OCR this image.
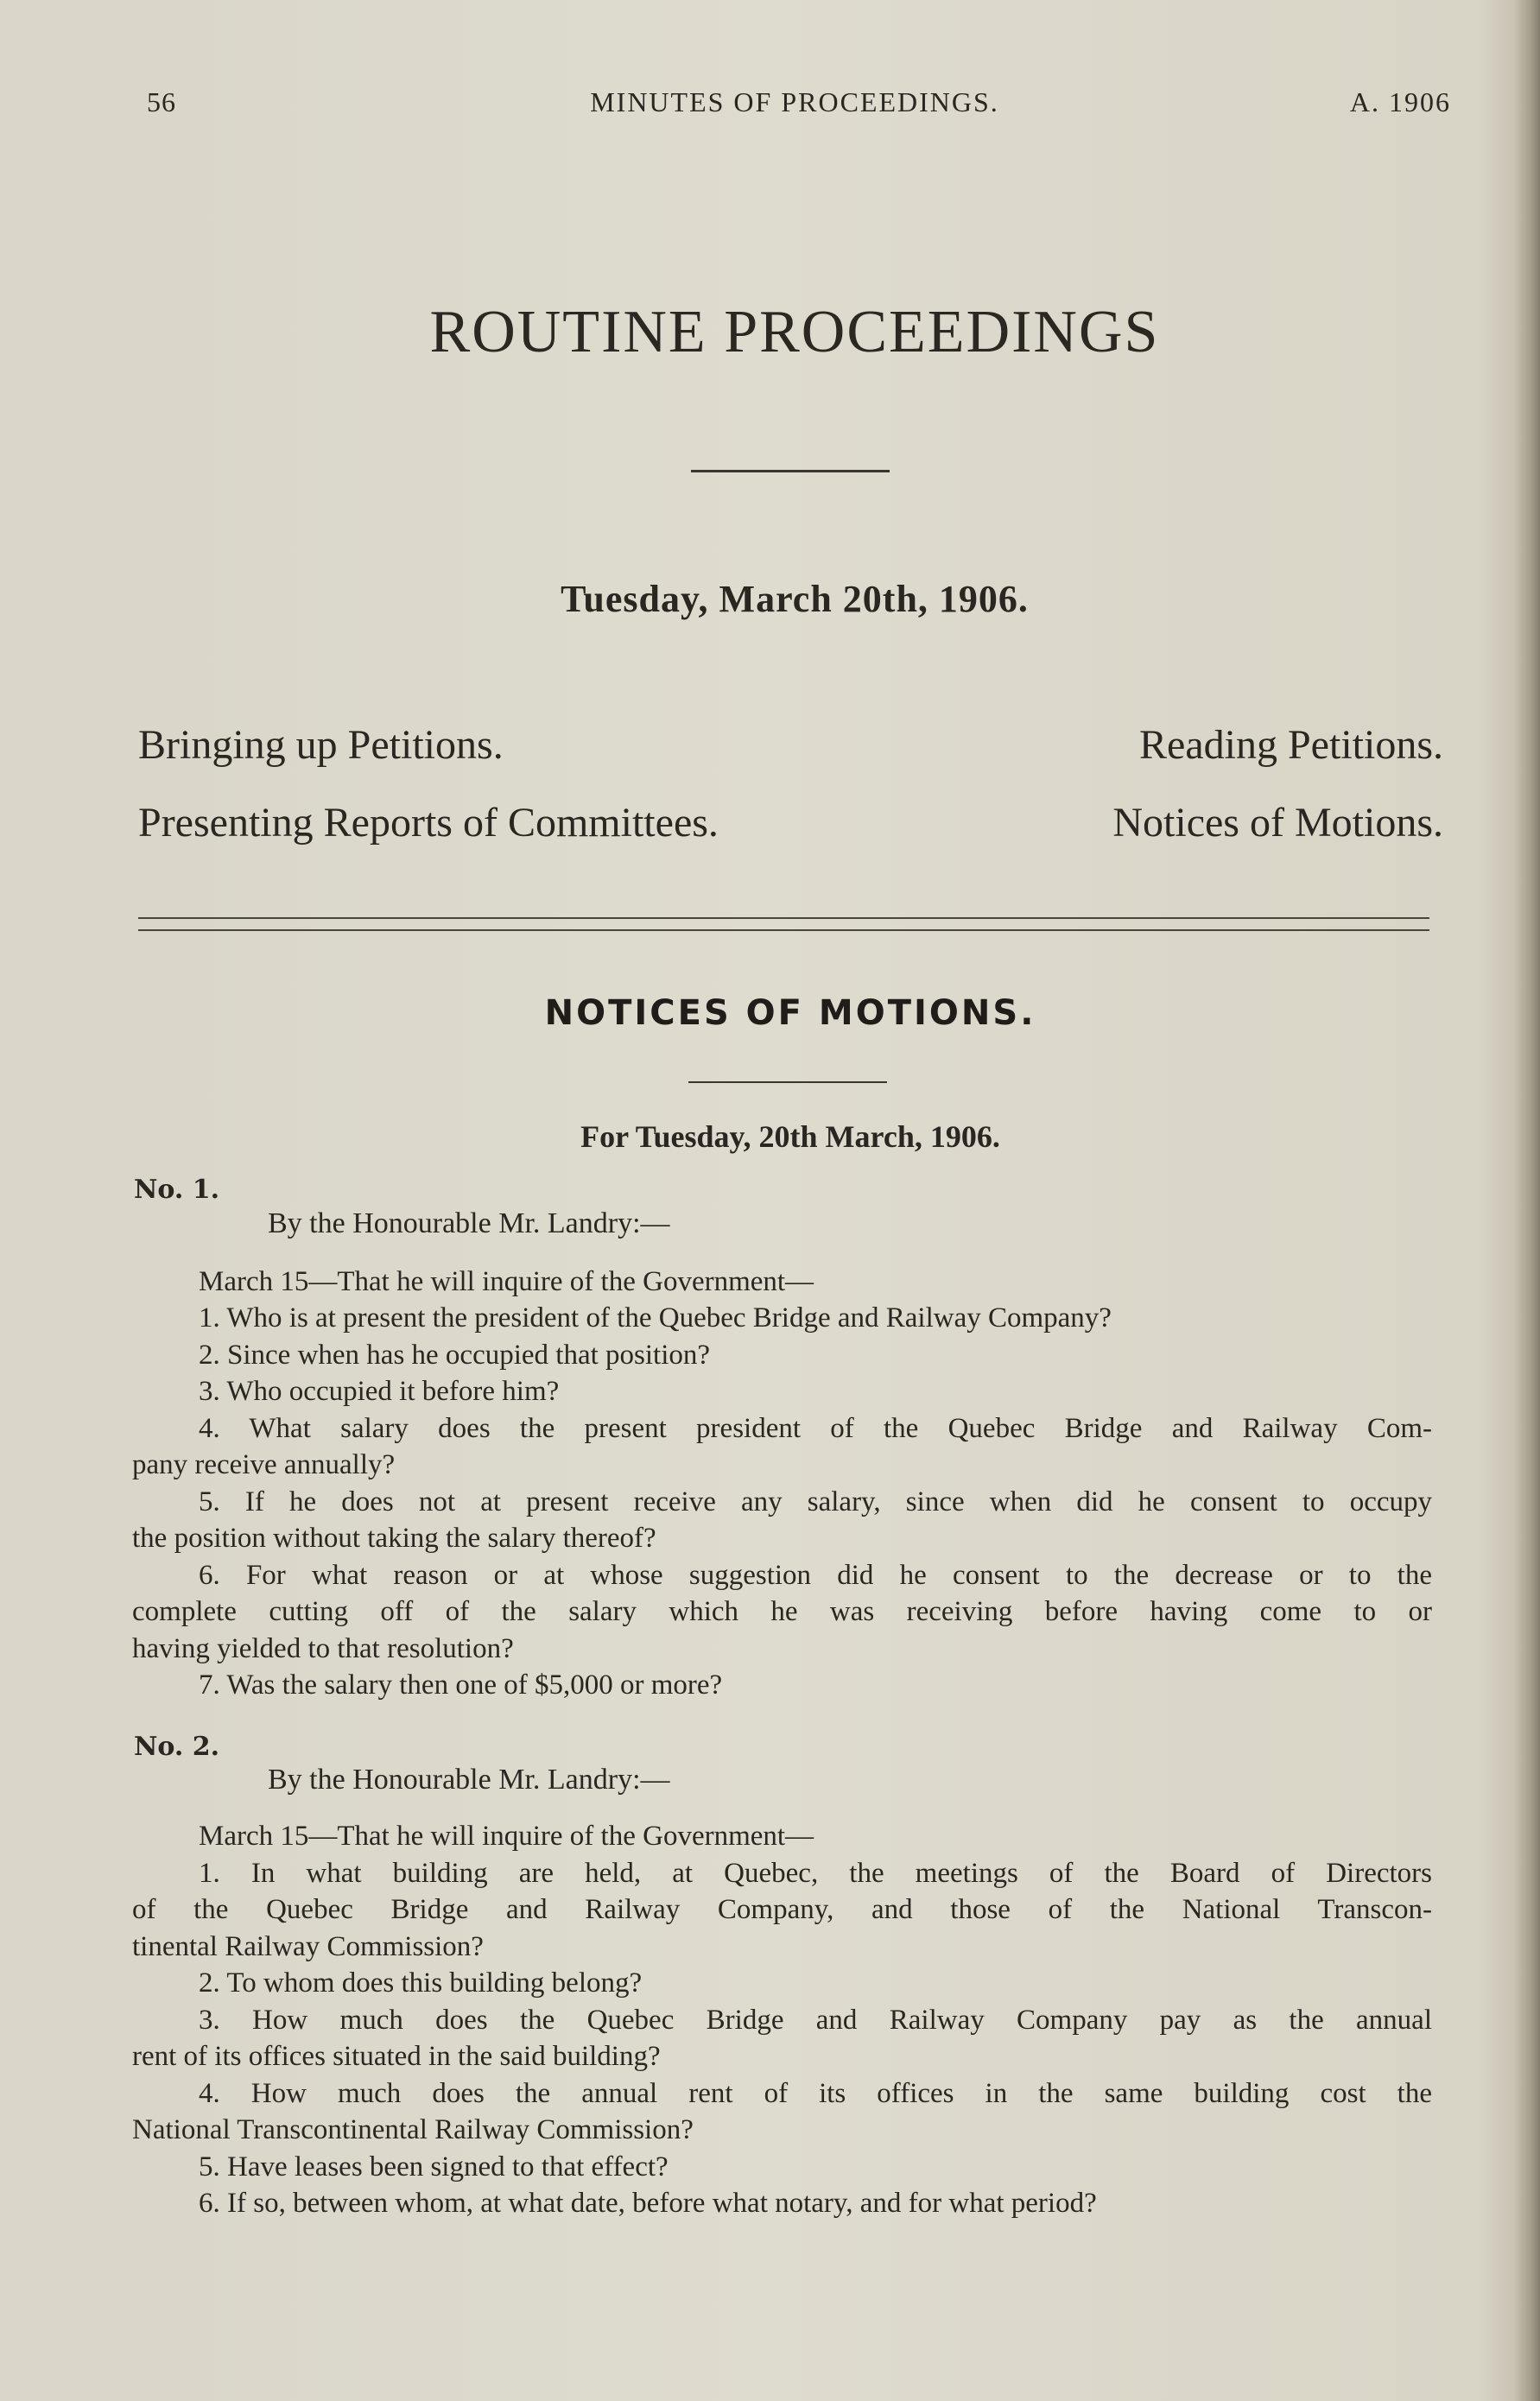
56	MINUTES OF PROCEEDINGS.	A. 1906
ROUTINE PROCEEDINGS
Tuesday, March 20th, 1906.
Bringing up Petitions.	Reading Petitions.
Presenting Reports of Committees.	Notices of Motions.
NOTICES OF MOTIONS.
For Tuesday, 20th March, 1906.
No. 1.
By the Honourable Mr. Landry:—
March 15—That he will inquire of the Government—
1. Who is at present the president of the Quebec Bridge and Railway Company?
2. Since when has he occupied that position?
3. Who occupied it before him?
4. What salary does the present president of the Quebec Bridge and Railway Com-
pany receive annually?
5. If he does not at present receive any salary, since when did he consent to occupy
the position without taking the salary thereof?
6. For what reason or at whose suggestion did he consent to the decrease or to the
complete cutting off of the salary which he was receiving before having come to or
having yielded to that resolution?
7. Was the salary then one of $5,000 or more?
No. 2.
By the Honourable Mr. Landry:—
March 15—That he will inquire of the Government—
1. In what building are held, at Quebec, the meetings of the Board of Directors
of the Quebec Bridge and Railway Company, and those of the National Transcon-
tinental Railway Commission?
2. To whom does this building belong?
3. How much does the Quebec Bridge and Railway Company pay as the annual
rent of its offices situated in the said building?
4. How much does the annual rent of its offices in the same building cost the
National Transcontinental Railway Commission?
5. Have leases been signed to that effect?
6. If so, between whom, at what date, before what notary, and for what period?
